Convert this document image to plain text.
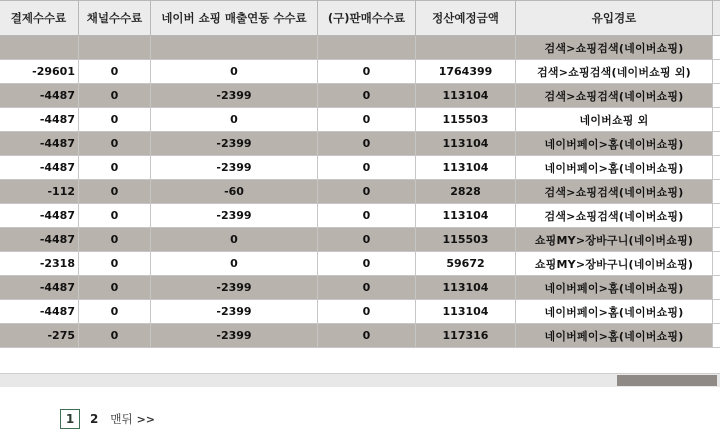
결제수수료	채널수수료	네이버 쇼핑 매출연동 수수료	(구)판매수수료	정산예정금액	유입경로	
					검색>쇼핑검색(네이버쇼핑)	
-29601	0	0	0	1764399	검색>쇼핑검색(네이버쇼핑 외)	
-4487	0	-2399	0	113104	검색>쇼핑검색(네이버쇼핑)	
-4487	0	0	0	115503	네이버쇼핑 외	
-4487	0	-2399	0	113104	네이버페이>홈(네이버쇼핑)	
-4487	0	-2399	0	113104	네이버페이>홈(네이버쇼핑)	
-112	0	-60	0	2828	검색>쇼핑검색(네이버쇼핑)	
-4487	0	-2399	0	113104	검색>쇼핑검색(네이버쇼핑)	
-4487	0	0	0	115503	쇼핑MY>장바구니(네이버쇼핑)	
-2318	0	0	0	59672	쇼핑MY>장바구니(네이버쇼핑)	
-4487	0	-2399	0	113104	네이버페이>홈(네이버쇼핑)	
-4487	0	-2399	0	113104	네이버페이>홈(네이버쇼핑)	
-275	0	-2399	0	117316	네이버페이>홈(네이버쇼핑)	
1	2 맨뒤 >>
